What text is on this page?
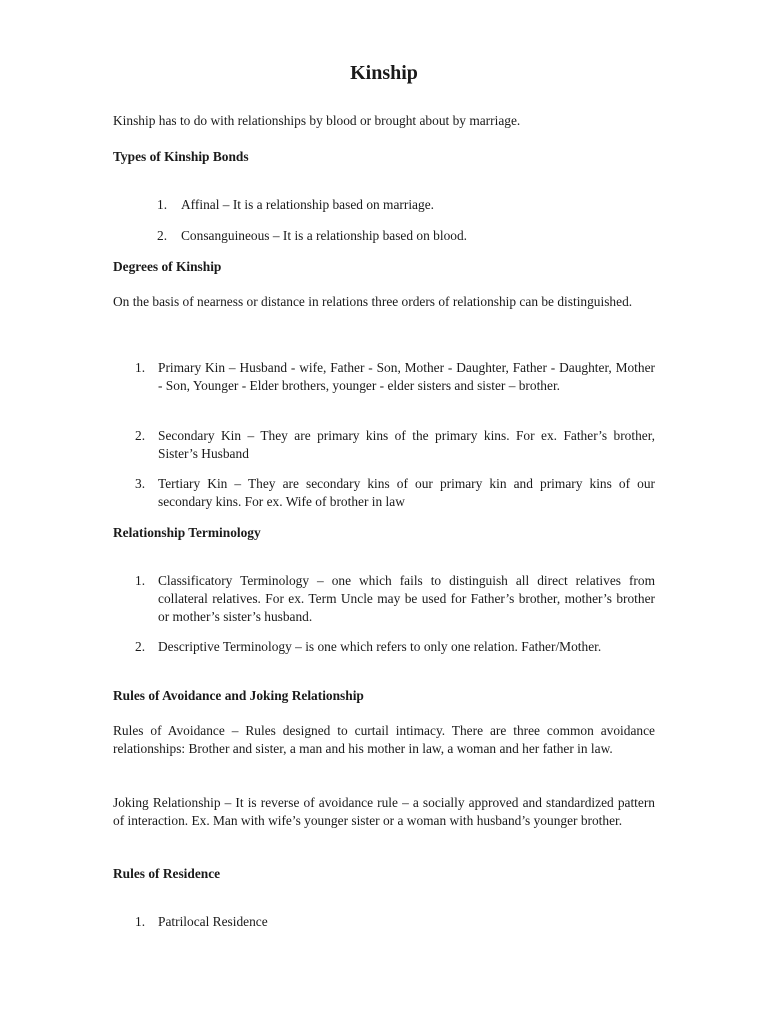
Kinship
Kinship has to do with relationships by blood or brought about by marriage.
Types of Kinship Bonds
1. Affinal – It is a relationship based on marriage.
2. Consanguineous – It is a relationship based on blood.
Degrees of Kinship
On the basis of nearness or distance in relations three orders of relationship can be distinguished.
1. Primary Kin – Husband - wife, Father - Son, Mother - Daughter, Father - Daughter, Mother - Son, Younger - Elder brothers, younger - elder sisters and sister – brother.
2. Secondary Kin – They are primary kins of the primary kins. For ex. Father’s brother, Sister’s Husband
3. Tertiary Kin – They are secondary kins of our primary kin and primary kins of our secondary kins. For ex. Wife of brother in law
Relationship Terminology
1. Classificatory Terminology – one which fails to distinguish all direct relatives from collateral relatives. For ex. Term Uncle may be used for Father’s brother, mother’s brother or mother’s sister’s husband.
2. Descriptive Terminology – is one which refers to only one relation. Father/Mother.
Rules of Avoidance and Joking Relationship
Rules of Avoidance – Rules designed to curtail intimacy. There are three common avoidance relationships: Brother and sister, a man and his mother in law, a woman and her father in law.
Joking Relationship – It is reverse of avoidance rule – a socially approved and standardized pattern of interaction. Ex. Man with wife’s younger sister or a woman with husband’s younger brother.
Rules of Residence
1. Patrilocal Residence
